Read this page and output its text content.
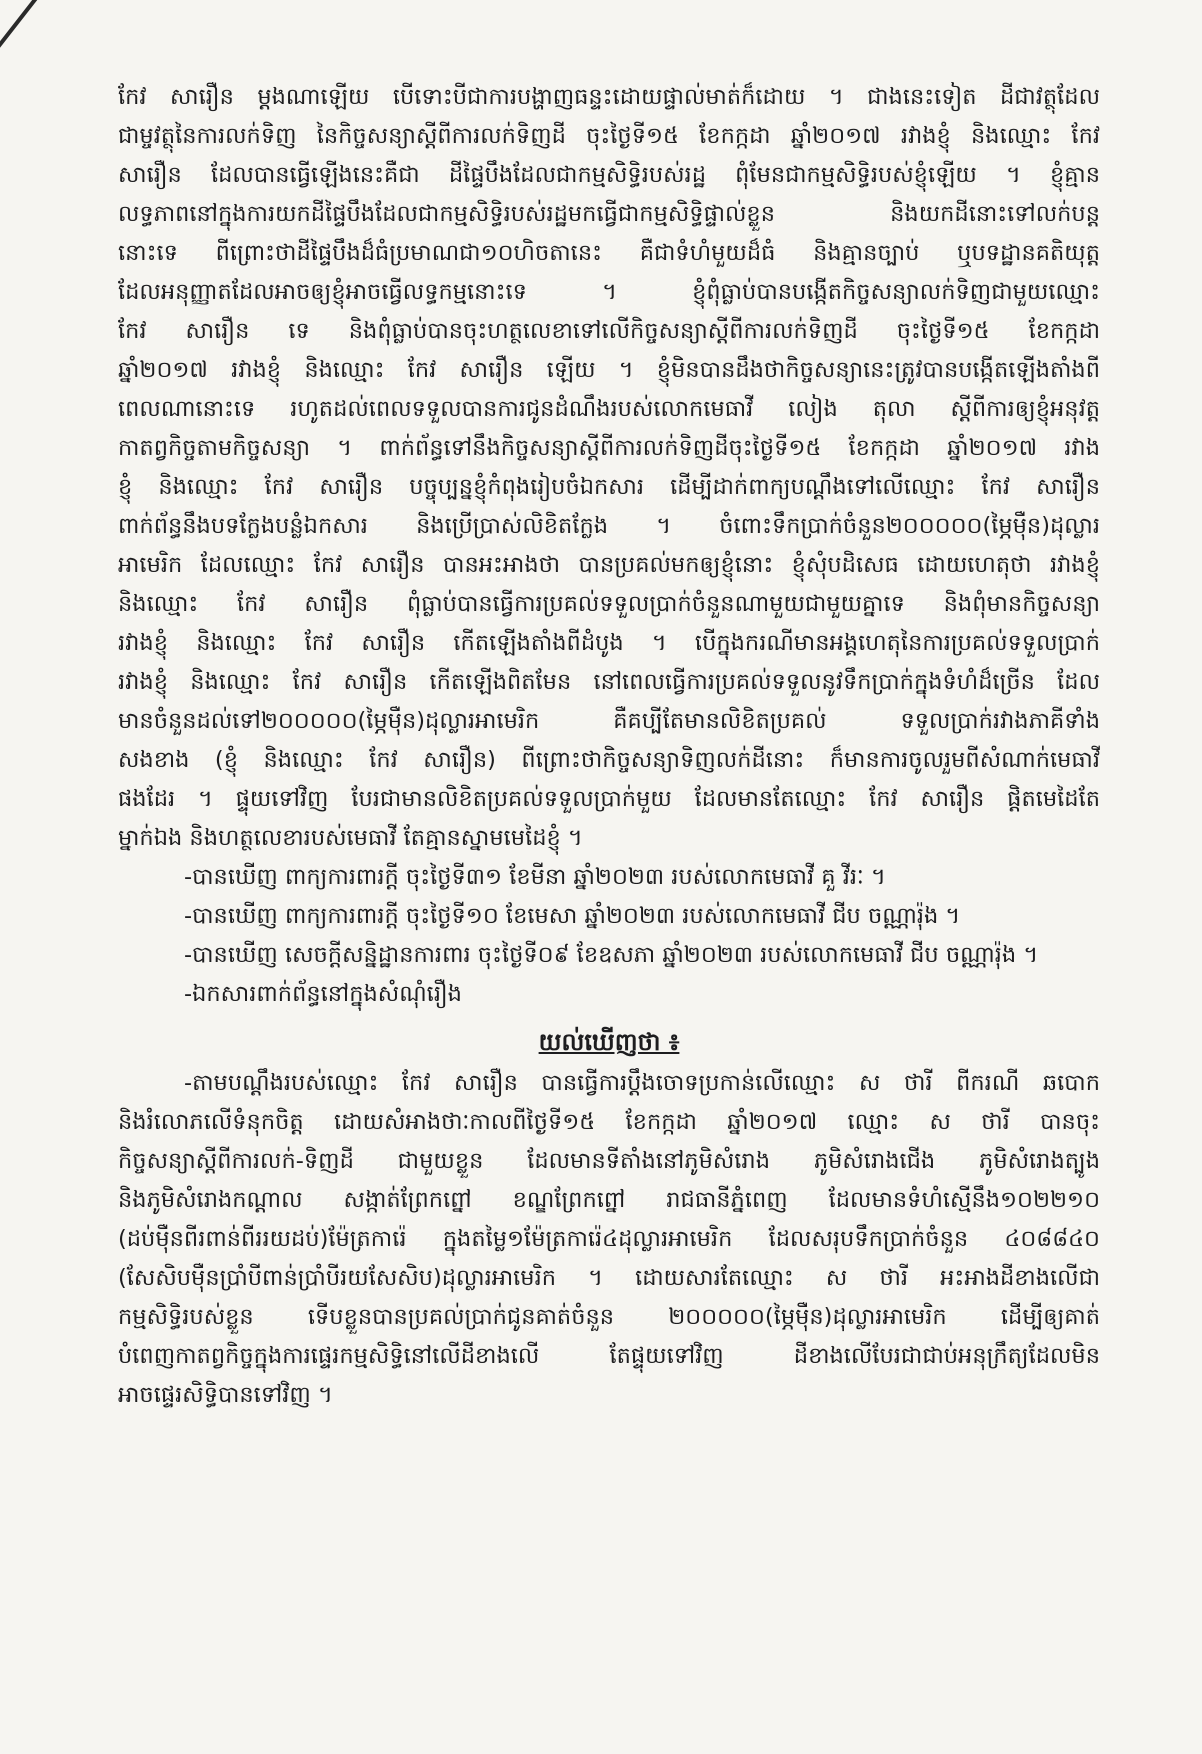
កែវ សារឿន ម្តងណាឡើយ បើទោះបីជាការបង្ហាញធន្ទះដោយផ្ទាល់មាត់ក៏ដោយ ។ ជាងនេះទៀត ដីជាវត្ថុដែល
ជាម្ចវត្ថុនៃការលក់ទិញ នៃកិច្ចសន្យាស្តីពីការលក់ទិញដី ចុះថ្ងៃទី១៥ ខែកក្កដា ឆ្នាំ២០១៧ រវាងខ្ញុំ និងឈ្មោះ កែវ
សារឿន ដែលបានធ្វើឡើងនេះគឺជា ដីផ្ទៃបឹងដែលជាកម្មសិទ្ធិរបស់រដ្ឋ ពុំមែនជាកម្មសិទ្ធិរបស់ខ្ញុំឡើយ ។ ខ្ញុំគ្មាន
លទ្ធភាពនៅក្នុងការយកដីផ្ទៃបឹងដែលជាកម្មសិទ្ធិរបស់រដ្ឋមកធ្វើជាកម្មសិទ្ធិផ្ទាល់ខ្លួន និងយកដីនោះទៅលក់បន្ត
នោះទេ ពីព្រោះថាដីផ្ទៃបឹងដ៏ធំប្រមាណជា១០ហិចតានេះ គឺជាទំហំមួយដ៏ធំ និងគ្មានច្បាប់ ឬបទដ្ឋានគតិយុត្ត
ដែលអនុញ្ញាតដែលអាចឲ្យខ្ញុំអាចធ្វើលទ្ធកម្មនោះទេ ។ ខ្ញុំពុំធ្លាប់បានបង្កើតកិច្ចសន្យាលក់ទិញជាមួយឈ្មោះ
កែវ សារឿន ទេ និងពុំធ្លាប់បានចុះហត្ថលេខាទៅលើកិច្ចសន្យាស្តីពីការលក់ទិញដី ចុះថ្ងៃទី១៥ ខែកក្កដា
ឆ្នាំ២០១៧ រវាងខ្ញុំ និងឈ្មោះ កែវ សារឿន ឡើយ ។ ខ្ញុំមិនបានដឹងថាកិច្ចសន្យានេះត្រូវបានបង្កើតឡើងតាំងពី
ពេលណានោះទេ រហូតដល់ពេលទទួលបានការជូនដំណឹងរបស់លោកមេធាវី លៀង តុលា ស្តីពីការឲ្យខ្ញុំអនុវត្ត
កាតព្វកិច្ចតាមកិច្ចសន្យា ។ ពាក់ព័ន្ធទៅនឹងកិច្ចសន្យាស្តីពីការលក់ទិញដីចុះថ្ងៃទី១៥ ខែកក្កដា ឆ្នាំ២០១៧ រវាង
ខ្ញុំ និងឈ្មោះ កែវ សារឿន បច្ចុប្បន្នខ្ញុំកំពុងរៀបចំឯកសារ ដើម្បីដាក់ពាក្យបណ្តឹងទៅលើឈ្មោះ កែវ សារឿន
ពាក់ព័ន្ធនឹងបទក្លែងបន្លំឯកសារ និងប្រើប្រាស់លិខិតក្លែង ។ ចំពោះទឹកប្រាក់ចំនួន២០០០០០(ម្ភៃម៉ឺន)ដុល្លារ
អាមេរិក ដែលឈ្មោះ កែវ សារឿន បានអះអាងថា បានប្រគល់មកឲ្យខ្ញុំនោះ ខ្ញុំសុំបដិសេធ ដោយហេតុថា រវាងខ្ញុំ
និងឈ្មោះ កែវ សារឿន ពុំធ្លាប់បានធ្វើការប្រគល់ទទួលប្រាក់ចំនួនណាមួយជាមួយគ្នាទេ និងពុំមានកិច្ចសន្យា
រវាងខ្ញុំ និងឈ្មោះ កែវ សារឿន កើតឡើងតាំងពីដំបូង ។ បើក្នុងករណីមានអង្គហេតុនៃការប្រគល់ទទួលប្រាក់
រវាងខ្ញុំ និងឈ្មោះ កែវ សារឿន កើតឡើងពិតមែន នៅពេលធ្វើការប្រគល់ទទួលនូវទឹកប្រាក់ក្នុងទំហំដ៏ច្រើន ដែល
មានចំនួនដល់ទៅ២០០០០០(ម្ភៃម៉ឺន)ដុល្លារអាមេរិក គឺគប្បីតែមានលិខិតប្រគល់ ទទួលប្រាក់រវាងភាគីទាំង
សងខាង (ខ្ញុំ និងឈ្មោះ កែវ សារឿន) ពីព្រោះថាកិច្ចសន្យាទិញលក់ដីនោះ ក៏មានការចូលរួមពីសំណាក់មេធាវី
ផងដែរ ។ ផ្ទុយទៅវិញ បែរជាមានលិខិតប្រគល់ទទួលប្រាក់មួយ ដែលមានតែឈ្មោះ កែវ សារឿន ផ្តិតមេដៃតែ
ម្នាក់ឯង និងហត្ថលេខារបស់មេធាវី តែគ្មានស្នាមមេដៃខ្ញុំ ។
-បានឃើញ ពាក្យការពារក្តី ចុះថ្ងៃទី៣១ ខែមីនា ឆ្នាំ២០២៣ របស់លោកមេធាវី គួ វីរៈ ។
-បានឃើញ ពាក្យការពារក្តី ចុះថ្ងៃទី១០ ខែមេសា ឆ្នាំ២០២៣ របស់លោកមេធាវី ជីប ចណ្ណារ៉ុង ។
-បានឃើញ សេចក្តីសន្និដ្ឋានការពារ ចុះថ្ងៃទី០៩ ខែឧសភា ឆ្នាំ២០២៣ របស់លោកមេធាវី ជីប ចណ្ណារ៉ុង ។
-ឯកសារពាក់ព័ន្ធនៅក្នុងសំណុំរឿង
យល់ឃើញថា ៖
-តាមបណ្តឹងរបស់ឈ្មោះ កែវ សារឿន បានធ្វើការប្តឹងចោទប្រកាន់លើឈ្មោះ ស ថារី ពីករណី ឆបោក
និងរំលោភលើទំនុកចិត្ត ដោយសំអាងថាៈកាលពីថ្ងៃទី១៥ ខែកក្កដា ឆ្នាំ២០១៧ ឈ្មោះ ស ថារី បានចុះ
កិច្ចសន្យាស្តីពីការលក់-ទិញដី ជាមួយខ្លួន ដែលមានទីតាំងនៅភូមិសំរោង ភូមិសំរោងជើង ភូមិសំរោងត្បូង
និងភូមិសំរោងកណ្តាល សង្កាត់ព្រែកព្នៅ ខណ្ឌព្រែកព្នៅ រាជធានីភ្នំពេញ ដែលមានទំហំស្មើនឹង១០២២១០
(ដប់ម៉ឺនពីរពាន់ពីររយដប់)ម៉ែត្រការ៉េ ក្នុងតម្លៃ១ម៉ែត្រការ៉េ៤ដុល្លារអាមេរិក ដែលសរុបទឹកប្រាក់ចំនួន ៤០៨៨៤០
(សែសិបម៉ឺនប្រាំបីពាន់ប្រាំបីរយសែសិប)ដុល្លារអាមេរិក ។ ដោយសារតែឈ្មោះ ស ថារី អះអាងដីខាងលើជា
កម្មសិទ្ធិរបស់ខ្លួន ទើបខ្លួនបានប្រគល់ប្រាក់ជូនគាត់ចំនួន ២០០០០០(ម្ភៃម៉ឺន)ដុល្លារអាមេរិក ដើម្បីឲ្យគាត់
បំពេញកាតព្វកិច្ចក្នុងការផ្ទេរកម្មសិទ្ធិនៅលើដីខាងលើ តែផ្ទុយទៅវិញ ដីខាងលើបែរជាជាប់អនុក្រឹត្យដែលមិន
អាចផ្ទេរសិទ្ធិបានទៅវិញ ។
